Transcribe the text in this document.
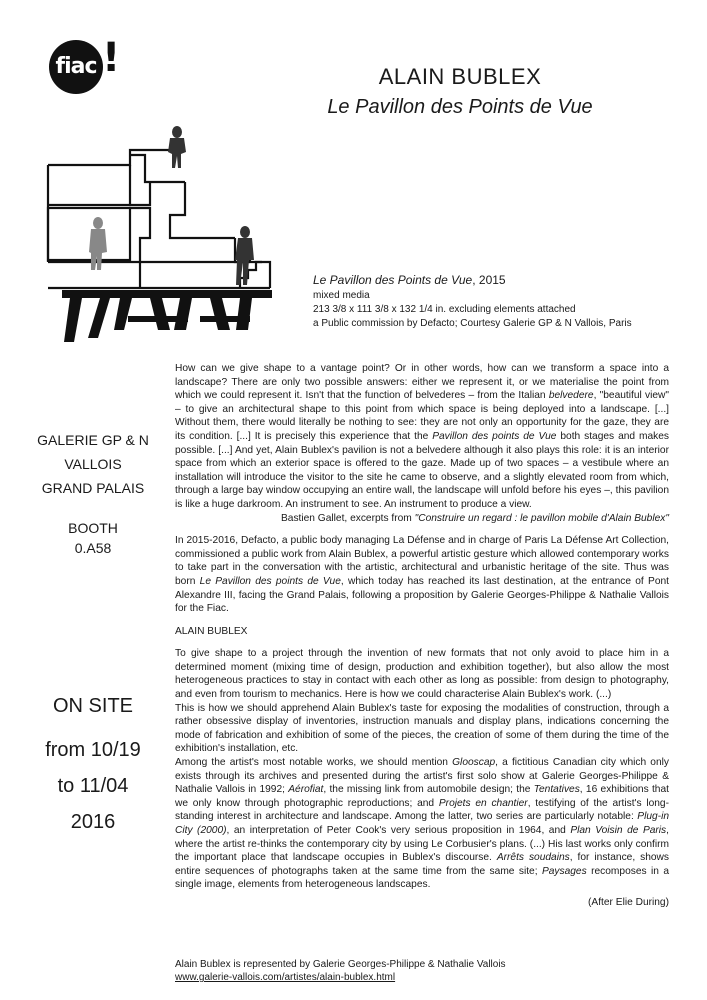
fiac !	ALAIN BUBLEX
Le Pavillon des Points de Vue
Le Pavillon des Points de Vue, 2015
mixed media
213 3/8 x 111 3/8 x 132 1/4 in. excluding elements attached
a Public commission by Defacto; Courtesy Galerie GP & N Vallois, Paris

How can we give shape to a vantage point? Or in other words, how can we transform a space into a landscape? There are only two possible answers: either we represent it, or we materialise the point from which we could represent it. Isn't that the function of belvederes – from the Italian belvedere, "beautiful view" – to give an architectural shape to this point from which space is being deployed into a landscape. [...] Without them, there would literally be nothing to see: they are not only an opportunity for the gaze, they are its condition. [...] It is precisely this experience that the Pavillon des points de Vue both stages and makes possible. [...] And yet, Alain Bublex's pavilion is not a belvedere although it also plays this role: it is an interior space from which an exterior space is offered to the gaze. Made up of two spaces – a vestibule where an installation will introduce the visitor to the site he came to observe, and a slightly elevated room from which, through a large bay window occupying an entire wall, the landscape will unfold before his eyes –, this pavilion is like a huge darkroom. An instrument to see. An instrument to produce a view.

Bastien Gallet, excerpts from "Construire un regard : le pavillon mobile d'Alain Bublex"

In 2015-2016, Defacto, a public body managing La Défense and in charge of Paris La Défense Art Collection, commissioned a public work from Alain Bublex, a powerful artistic gesture which allowed contemporary works to take part in the conversation with the artistic, architectural and urbanistic heritage of the site. Thus was born Le Pavillon des points de Vue, which today has reached its last destination, at the entrance of Pont Alexandre III, facing the Grand Palais, following a proposition by Galerie Georges-Philippe & Nathalie Vallois for the Fiac.

ALAIN BUBLEX

To give shape to a project through the invention of new formats that not only avoid to place him in a determined moment (mixing time of design, production and exhibition together), but also allow the most heterogeneous practices to stay in contact with each other as long as possible: from design to photography, and even from tourism to mechanics. Here is how we could characterise Alain Bublex's work. (...)

This is how we should apprehend Alain Bublex's taste for exposing the modalities of construction, through a rather obsessive display of inventories, instruction manuals and display plans, indications concerning the mode of fabrication and exhibition of some of the pieces, the creation of some of them during the time of the exhibition's installation, etc.

Among the artist's most notable works, we should mention Glooscap, a fictitious Canadian city which only exists through its archives and presented during the artist's first solo show at Galerie Georges-Philippe & Nathalie Vallois in 1992; Aérofiat, the missing link from automobile design; the Tentatives, 16 exhibitions that we only know through photographic reproductions; and Projets en chantier, testifying of the artist's long-standing interest in architecture and landscape. Among the latter, two series are particularly notable: Plug-in City (2000), an interpretation of Peter Cook's very serious proposition in 1964, and Plan Voisin de Paris, where the artist re-thinks the contemporary city by using Le Corbusier's plans. (...) His last works only confirm the important place that landscape occupies in Bublex's discourse. Arrêts soudains, for instance, shows entire sequences of photographs taken at the same time from the same site; Paysages recomposes in a single image, elements from heterogeneous landscapes.

(After Elie During)

GALERIE GP & N
VALLOIS
GRAND PALAIS
BOOTH
0.A58
ON SITE
from 10/19
to 11/04
2016
Alain Bublex is represented by Galerie Georges-Philippe & Nathalie Vallois
www.galerie-vallois.com/artistes/alain-bublex.html
